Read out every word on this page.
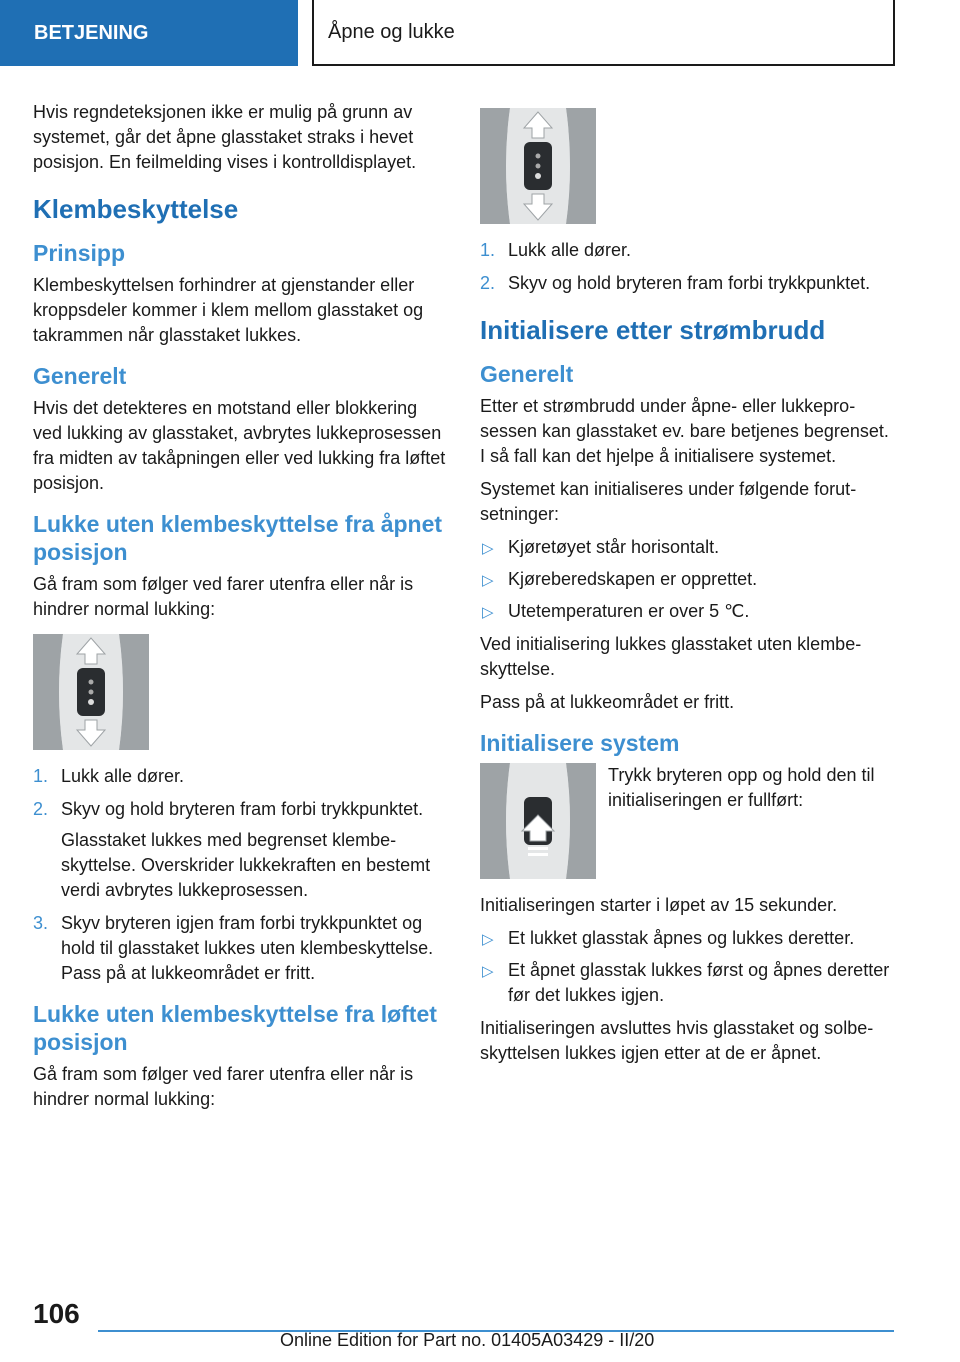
BETJENING	Åpne og lukke

Hvis regndeteksjonen ikke er mulig på grunn av systemet, går det åpne glasstaket straks i hevet posisjon. En feilmelding vises i kontrolldisplayet.

Klembeskyttelse
Prinsipp

Klembeskyttelsen forhindrer at gjenstander eller kroppsdeler kommer i klem mellom glasstaket og takrammen når glasstaket lukkes.

Generelt

Hvis det detekteres en motstand eller blokkering ved lukking av glasstaket, avbrytes lukkeprosessen fra midten av takåpningen eller ved lukking fra løftet posisjon.

Lukke uten klembeskyttelse fra åpnet posisjon

Gå fram som følger ved farer utenfra eller når is hindrer normal lukking:

1. Lukk alle dører.
2. Skyv og hold bryteren fram forbi trykkpunktet.
Glasstaket lukkes med begrenset klembeskyttelse. Overskrider lukkekraften en bestemt verdi avbrytes lukkeprosessen.
3. Skyv bryteren igjen fram forbi trykkpunktet og hold til glasstaket lukkes uten klembeskyttelse. Pass på at lukkeområdet er fritt.
Lukke uten klembeskyttelse fra løftet posisjon

Gå fram som følger ved farer utenfra eller når is hindrer normal lukking:

1. Lukk alle dører.
2. Skyv og hold bryteren fram forbi trykkpunktet.
Initialisere etter strømbrudd
Generelt

Etter et strømbrudd under åpne- eller lukkeprosessen kan glasstaket ev. bare betjenes begrenset. I så fall kan det hjelpe å initialisere systemet.

Systemet kan initialiseres under følgende forutsetninger:

▷ Kjøretøyet står horisontalt.
▷ Kjøreberedskapen er opprettet.
▷ Utetemperaturen er over 5 ℃.

Ved initialisering lukkes glasstaket uten klembeskyttelse.

Pass på at lukkeområdet er fritt.

Initialisere system

Trykk bryteren opp og hold den til initialiseringen er fullført:

Initialiseringen starter i løpet av 15 sekunder.

▷ Et lukket glasstak åpnes og lukkes deretter.
▷ Et åpnet glasstak lukkes først og åpnes deretter før det lukkes igjen.

Initialiseringen avsluttes hvis glasstaket og solbeskyttelsen lukkes igjen etter at de er åpnet.

106
Online Edition for Part no. 01405A03429 - II/20
